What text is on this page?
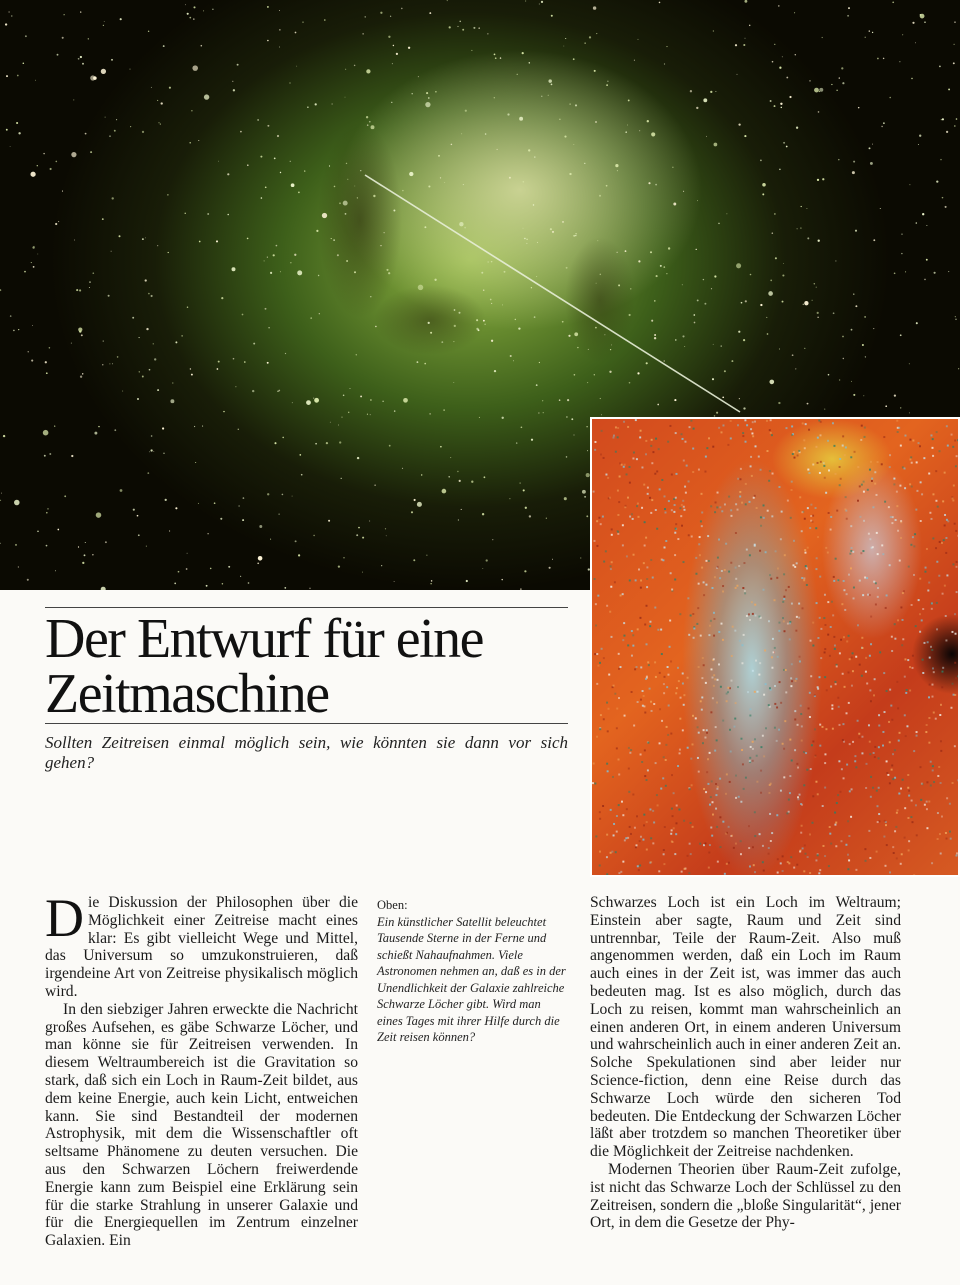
Der Entwurf für eine Zeitmaschine

Sollten Zeitreisen einmal möglich sein, wie könnten sie dann vor sich gehen?

Die Diskussion der Philosophen über die Möglichkeit einer Zeitreise macht eines klar: Es gibt vielleicht Wege und Mittel, das Universum so umzukonstruieren, daß irgendeine Art von Zeitreise physikalisch möglich wird.

In den siebziger Jahren erweckte die Nachricht großes Aufsehen, es gäbe Schwarze Löcher, und man könne sie für Zeitreisen verwenden. In diesem Weltraumbereich ist die Gravitation so stark, daß sich ein Loch in Raum-Zeit bildet, aus dem keine Energie, auch kein Licht, entweichen kann. Sie sind Bestandteil der modernen Astrophysik, mit dem die Wissenschaftler oft seltsame Phänomene zu deuten versuchen. Die aus den Schwarzen Löchern freiwerdende Energie kann zum Beispiel eine Erklärung sein für die starke Strahlung in unserer Galaxie und für die Energiequellen im Zentrum einzelner Galaxien. Ein

Oben:
Ein künstlicher Satellit beleuchtet Tausende Sterne in der Ferne und schießt Nahaufnahmen. Viele Astronomen nehmen an, daß es in der Unendlichkeit der Galaxie zahlreiche Schwarze Löcher gibt. Wird man eines Tages mit ihrer Hilfe durch die Zeit reisen können?

Schwarzes Loch ist ein Loch im Weltraum; Einstein aber sagte, Raum und Zeit sind untrennbar, Teile der Raum-Zeit. Also muß angenommen werden, daß ein Loch im Raum auch eines in der Zeit ist, was immer das auch bedeuten mag. Ist es also möglich, durch das Loch zu reisen, kommt man wahrscheinlich an einen anderen Ort, in einem anderen Universum und wahrscheinlich auch in einer anderen Zeit an. Solche Spekulationen sind aber leider nur Science-fiction, denn eine Reise durch das Schwarze Loch würde den sicheren Tod bedeuten. Die Entdeckung der Schwarzen Löcher läßt aber trotzdem so manchen Theoretiker über die Möglichkeit der Zeitreise nachdenken.

Modernen Theorien über Raum-Zeit zufolge, ist nicht das Schwarze Loch der Schlüssel zu den Zeitreisen, sondern die „bloße Singularität“, jener Ort, in dem die Gesetze der Phy-
